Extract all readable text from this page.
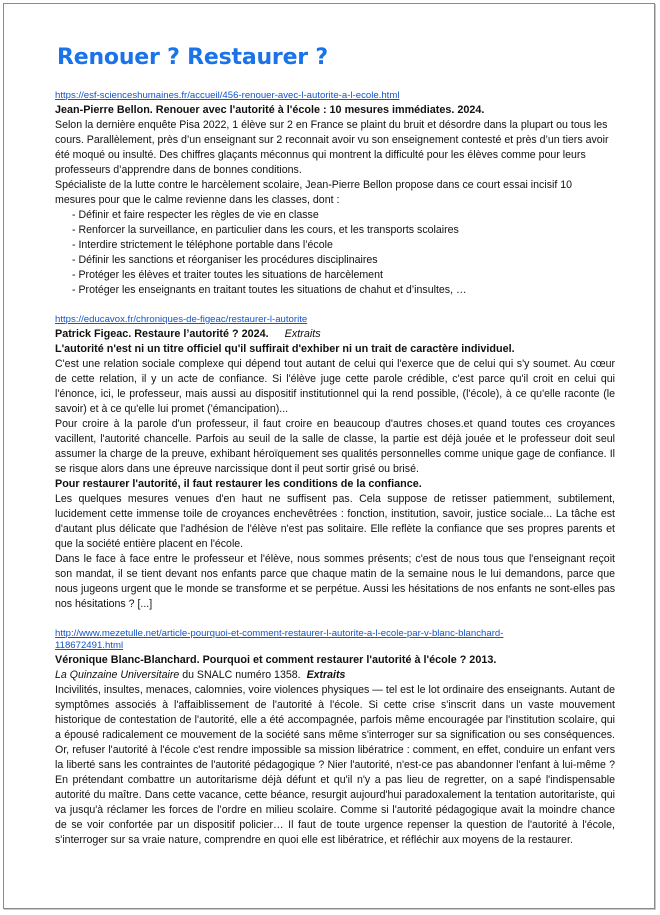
Renouer ? Restaurer ?
https://esf-scienceshumaines.fr/accueil/456-renouer-avec-l-autorite-a-l-ecole.html

Jean-Pierre Bellon. Renouer avec l'autorité à l'école : 10 mesures immédiates. 2024.

Selon la dernière enquête Pisa 2022, 1 élève sur 2 en France se plaint du bruit et désordre dans la plupart ou tous les cours. Parallèlement, près d’un enseignant sur 2 reconnait avoir vu son enseignement contesté et près d’un tiers avoir été moqué ou insulté. Des chiffres glaçants méconnus qui montrent la difficulté pour les élèves comme pour leurs professeurs d’apprendre dans de bonnes conditions.

Spécialiste de la lutte contre le harcèlement scolaire, Jean-Pierre Bellon propose dans ce court essai incisif 10 mesures pour que le calme revienne dans les classes, dont :

- Définir et faire respecter les règles de vie en classe
- Renforcer la surveillance, en particulier dans les cours, et les transports scolaires
- Interdire strictement le téléphone portable dans l’école
- Définir les sanctions et réorganiser les procédures disciplinaires
- Protéger les élèves et traiter toutes les situations de harcèlement
- Protéger les enseignants en traitant toutes les situations de chahut et d’insultes, …
https://educavox.fr/chroniques-de-figeac/restaurer-l-autorite

Patrick Figeac. Restaure l’autorité ? 2024. Extraits

L'autorité n'est ni un titre officiel qu'il suffirait d'exhiber ni un trait de caractère individuel.

C'est une relation sociale complexe qui dépend tout autant de celui qui l'exerce que de celui qui s'y soumet. Au cœur de cette relation, il y un acte de confiance. Si l'élève juge cette parole crédible, c'est parce qu'il croit en celui qui l'énonce, ici, le professeur, mais aussi au dispositif institutionnel qui la rend possible, (l'école), à ce qu'elle raconte (le savoir) et à ce qu'elle lui promet ('émancipation)...

Pour croire à la parole d'un professeur, il faut croire en beaucoup d'autres choses.et quand toutes ces croyances vacillent, l'autorité chancelle. Parfois au seuil de la salle de classe, la partie est déjà jouée et le professeur doit seul assumer la charge de la preuve, exhibant héroïquement ses qualités personnelles comme unique gage de confiance. Il se risque alors dans une épreuve narcissique dont il peut sortir grisé ou brisé.

Pour restaurer l'autorité, il faut restaurer les conditions de la confiance.

Les quelques mesures venues d'en haut ne suffisent pas. Cela suppose de retisser patiemment, subtilement, lucidement cette immense toile de croyances enchevêtrées : fonction, institution, savoir, justice sociale... La tâche est d'autant plus délicate que l'adhésion de l'élève n'est pas solitaire. Elle reflète la confiance que ses propres parents et que la société entière placent en l'école.

Dans le face à face entre le professeur et l'élève, nous sommes présents; c'est de nous tous que l'enseignant reçoit son mandat, il se tient devant nos enfants parce que chaque matin de la semaine nous le lui demandons, parce que nous jugeons urgent que le monde se transforme et se perpétue. Aussi les hésitations de nos enfants ne sont-elles pas nos hésitations ? [...]

http://www.mezetulle.net/article-pourquoi-et-comment-restaurer-l-autorite-a-l-ecole-par-v-blanc-blanchard-
118672491.html

Véronique Blanc-Blanchard. Pourquoi et comment restaurer l'autorité à l'école ? 2013.

La Quinzaine Universitaire du SNALC numéro 1358. Extraits

Incivilités, insultes, menaces, calomnies, voire violences physiques — tel est le lot ordinaire des enseignants. Autant de symptômes associés à l'affaiblissement de l'autorité à l'école. Si cette crise s'inscrit dans un vaste mouvement historique de contestation de l'autorité, elle a été accompagnée, parfois même encouragée par l'institution scolaire, qui a épousé radicalement ce mouvement de la société sans même s'interroger sur sa signification ou ses conséquences. Or, refuser l'autorité à l'école c'est rendre impossible sa mission libératrice : comment, en effet, conduire un enfant vers la liberté sans les contraintes de l'autorité pédagogique ? Nier l'autorité, n'est-ce pas abandonner l'enfant à lui-même ? En prétendant combattre un autoritarisme déjà défunt et qu'il n'y a pas lieu de regretter, on a sapé l'indispensable autorité du maître. Dans cette vacance, cette béance, resurgit aujourd'hui paradoxalement la tentation autoritariste, qui va jusqu'à réclamer les forces de l’ordre en milieu scolaire. Comme si l'autorité pédagogique avait la moindre chance de se voir confortée par un dispositif policier… Il faut de toute urgence repenser la question de l'autorité à l'école, s'interroger sur sa vraie nature, comprendre en quoi elle est libératrice, et réfléchir aux moyens de la restaurer.
